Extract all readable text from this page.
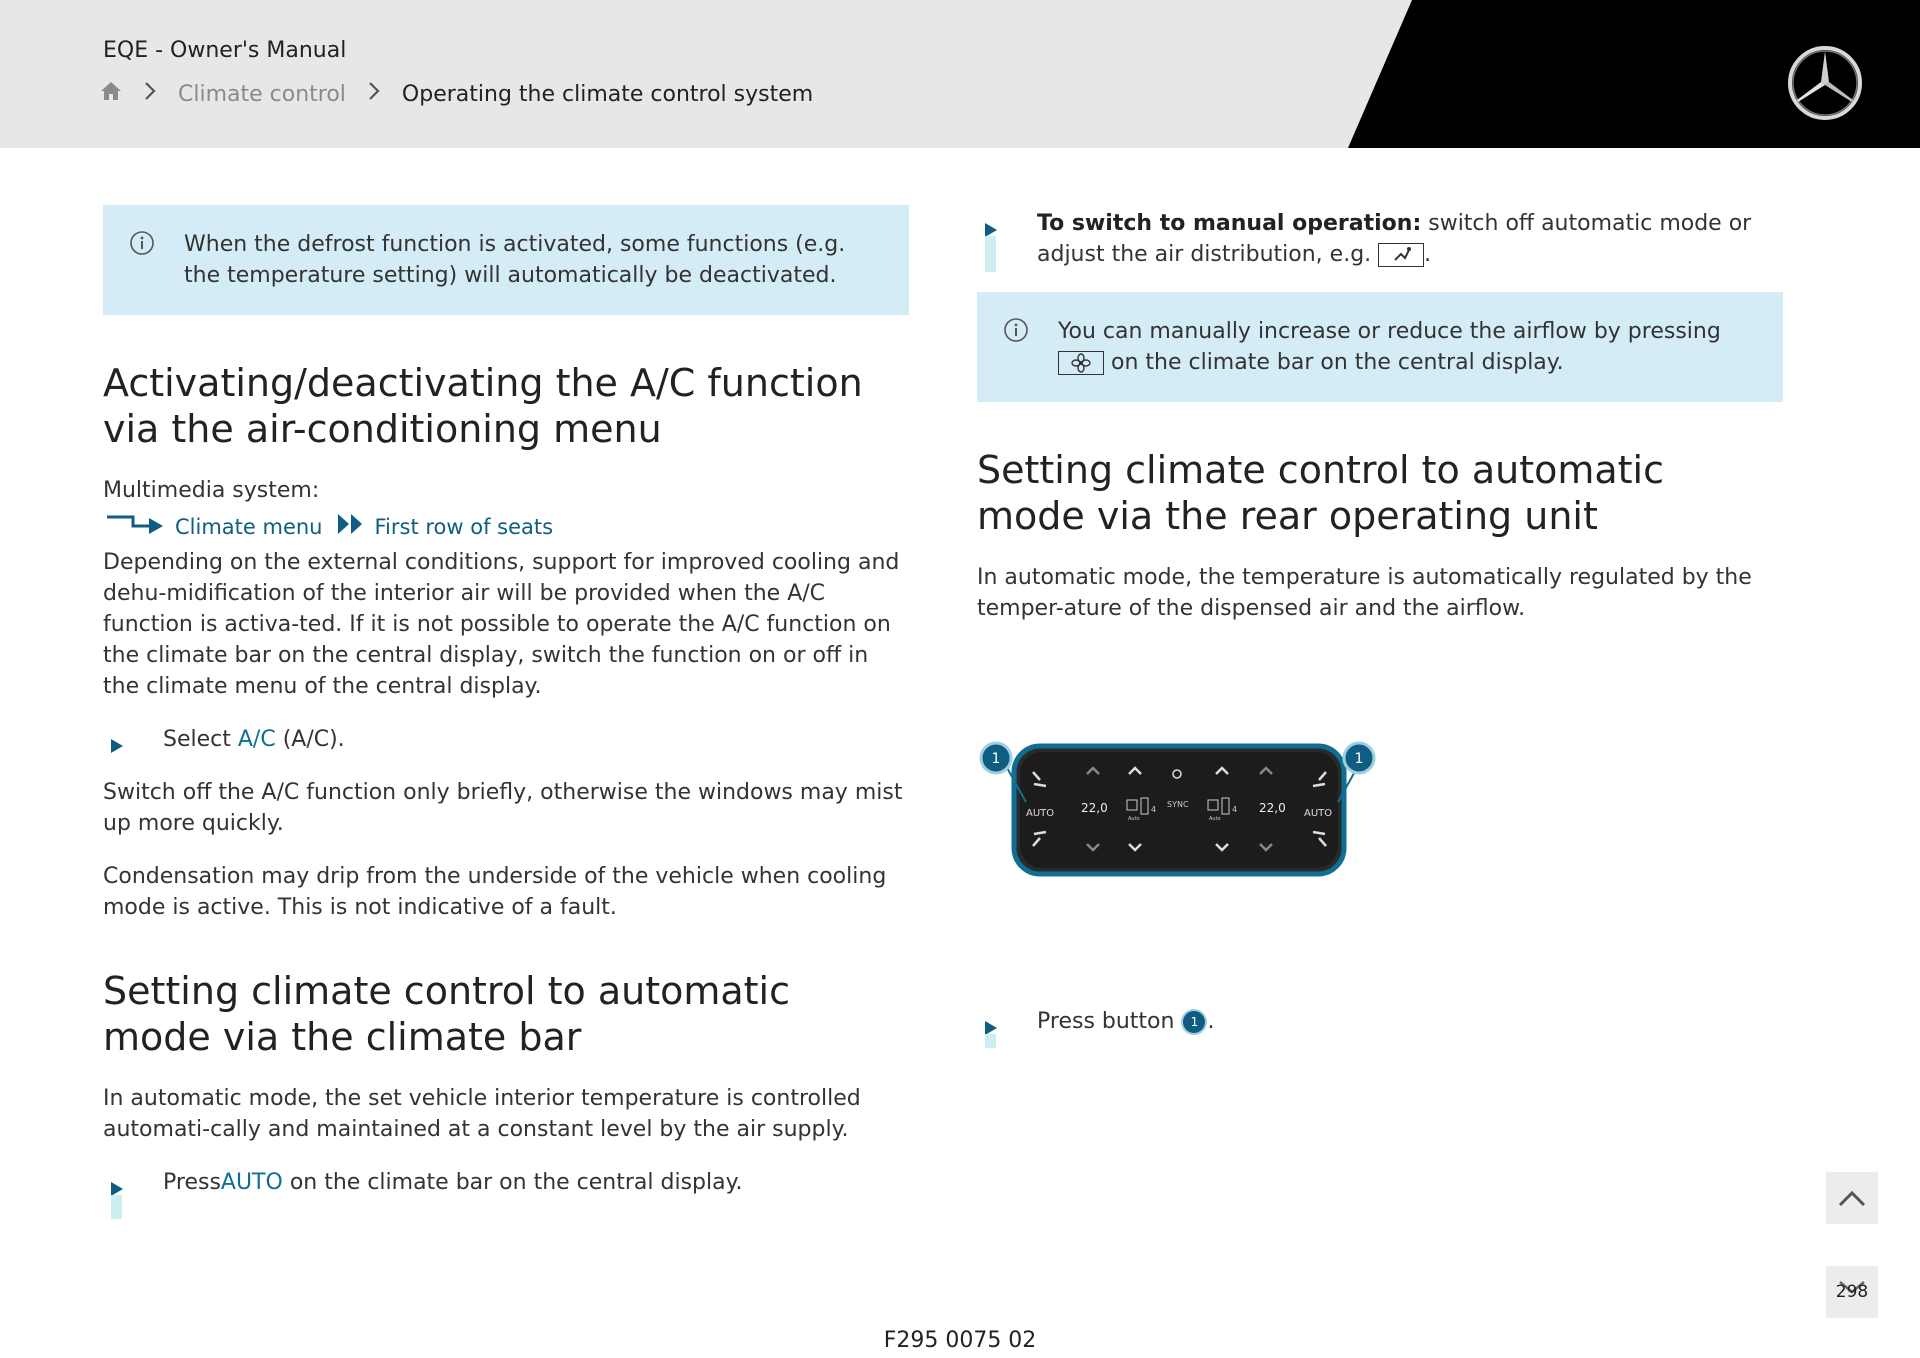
EQE - Owner's Manual
Climate control	Operating the climate control system
When the defrost function is activated, some functions (e.g. the temperature setting) will automatically be deactivated.
Activating/deactivating the A/C function via the air-conditioning menu

Multimedia system:

Climate menu First row of seats

Depending on the external conditions, support for improved cooling and dehu-midification of the interior air will be provided when the A/C function is activa-ted. If it is not possible to operate the A/C function on the climate bar on the central display, switch the function on or off in the climate menu of the central display.

Select A/C (A/C).

Switch off the A/C function only briefly, otherwise the windows may mist up more quickly.

Condensation may drip from the underside of the vehicle when cooling mode is active. This is not indicative of a fault.

Setting climate control to automatic mode via the climate bar

In automatic mode, the set vehicle interior temperature is controlled automati-cally and maintained at a constant level by the air supply.

PressAUTO on the climate bar on the central display.
To switch to manual operation: switch off automatic mode or adjust the air distribution, e.g. .
You can manually increase or reduce the airflow by pressing  on the climate bar on the central display.
Setting climate control to automatic mode via the rear operating unit

In automatic mode, the temperature is automatically regulated by the temper-ature of the dispensed air and the airflow.

AUTO 22,0	4
Auto
SYNC
4
Auto
22,0 AUTO
1	1
Press button 1 .
F295 0075 02
298
